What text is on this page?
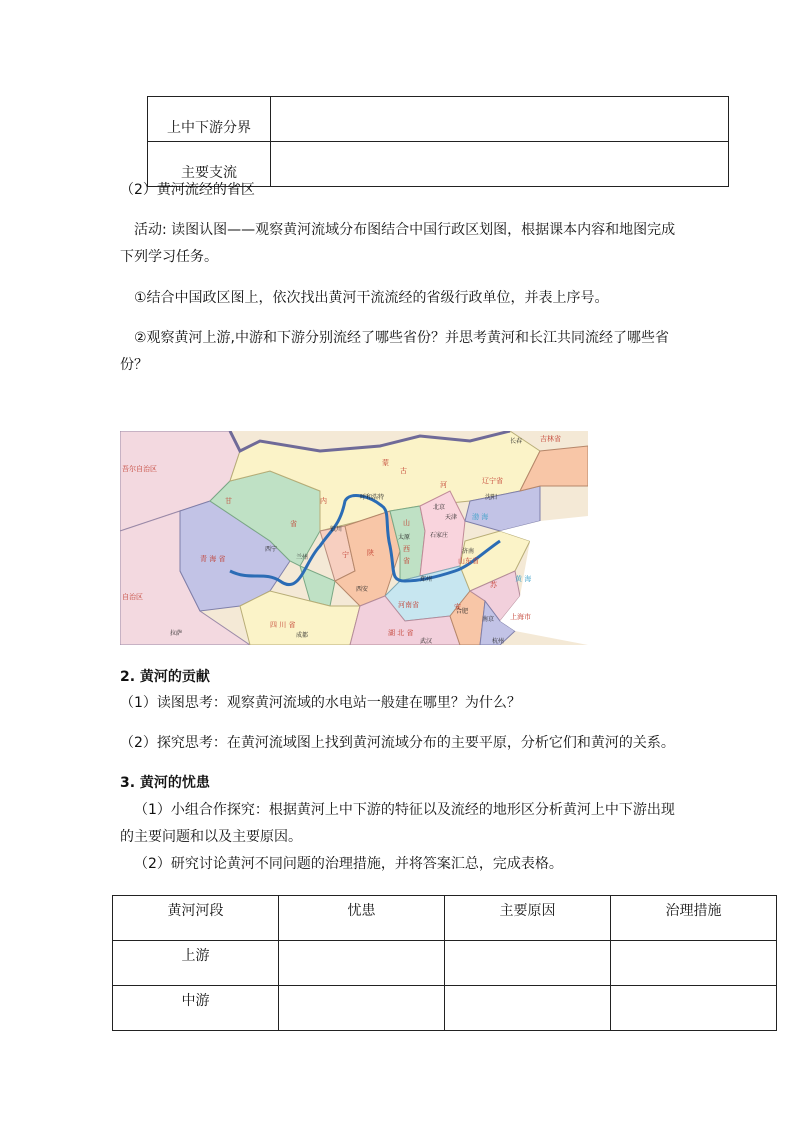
上中下游分界	
主要支流	
（2）黄河流经的省区
活动: 读图认图——观察黄河流域分布图结合中国行政区划图，根据课本内容和地图完成
下列学习任务。
①结合中国政区图上，依次找出黄河干流流经的省级行政单位，并表上序号。
②观察黄河上游,中游和下游分别流经了哪些省份？并思考黄河和长江共同流经了哪些省
份？
吾尔自治区
自治区
青 海 省
甘
省
内
蒙
古
宁	陕
山
西
省
河
河南省
山东省
四 川 省
湖 北 省
安
苏
辽宁省
吉林省
上海市
渤 海
黄 海
长春
沈阳
呼和浩特
北京
天津
银川
西宁
兰州
太原	石家庄
济南
郑州
西安
合肥
南京
成都
武汉	杭州
拉萨
2. 黄河的贡献
（1）读图思考：观察黄河流域的水电站一般建在哪里？为什么？
（2）探究思考：在黄河流域图上找到黄河流域分布的主要平原，分析它们和黄河的关系。
3. 黄河的忧患
（1）小组合作探究：根据黄河上中下游的特征以及流经的地形区分析黄河上中下游出现
的主要问题和以及主要原因。
（2）研究讨论黄河不同问题的治理措施，并将答案汇总，完成表格。
黄河河段	忧患	主要原因	治理措施
上游			
中游			
